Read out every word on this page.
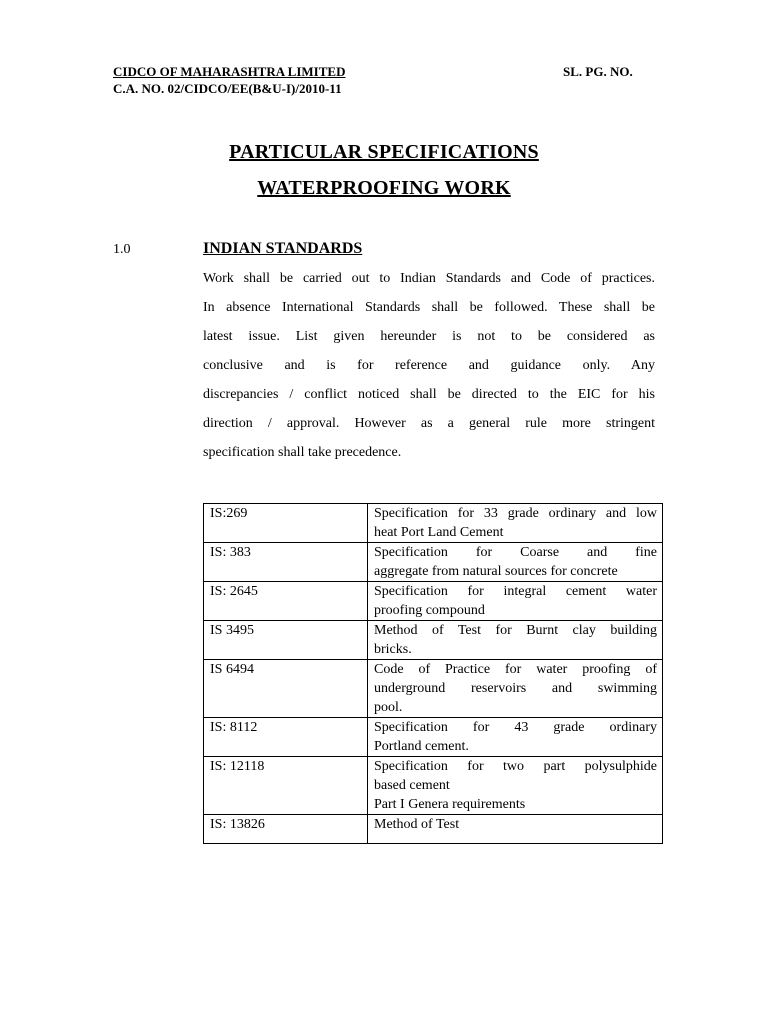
CIDCO OF MAHARASHTRA LIMITED
C.A. NO. 02/CIDCO/EE(B&U-I)/2010-11
SL. PG. NO.
PARTICULAR SPECIFICATIONS
WATERPROOFING WORK
1.0	INDIAN STANDARDS

Work shall be carried out to Indian Standards and Code of practices.

In absence International Standards shall be followed. These shall be

latest issue. List given hereunder is not to be considered as

conclusive and is for reference and guidance only. Any

discrepancies / conflict noticed shall be directed to the EIC for his

direction / approval. However as a general rule more stringent

specification shall take precedence.

IS:269	Specification for 33 grade ordinary and low
heat Port Land Cement

IS: 383	Specification for Coarse and fine
aggregate from natural sources for concrete

IS: 2645	Specification for integral cement water
proofing compound

IS 3495	Method of Test for Burnt clay building
bricks.

IS 6494	Code of Practice for water proofing of
underground reservoirs and swimming
pool.

IS: 8112	Specification for 43 grade ordinary
Portland cement.

IS: 12118	Specification for two part polysulphide
based cement
Part I Genera requirements

IS: 13826	Method of Test
